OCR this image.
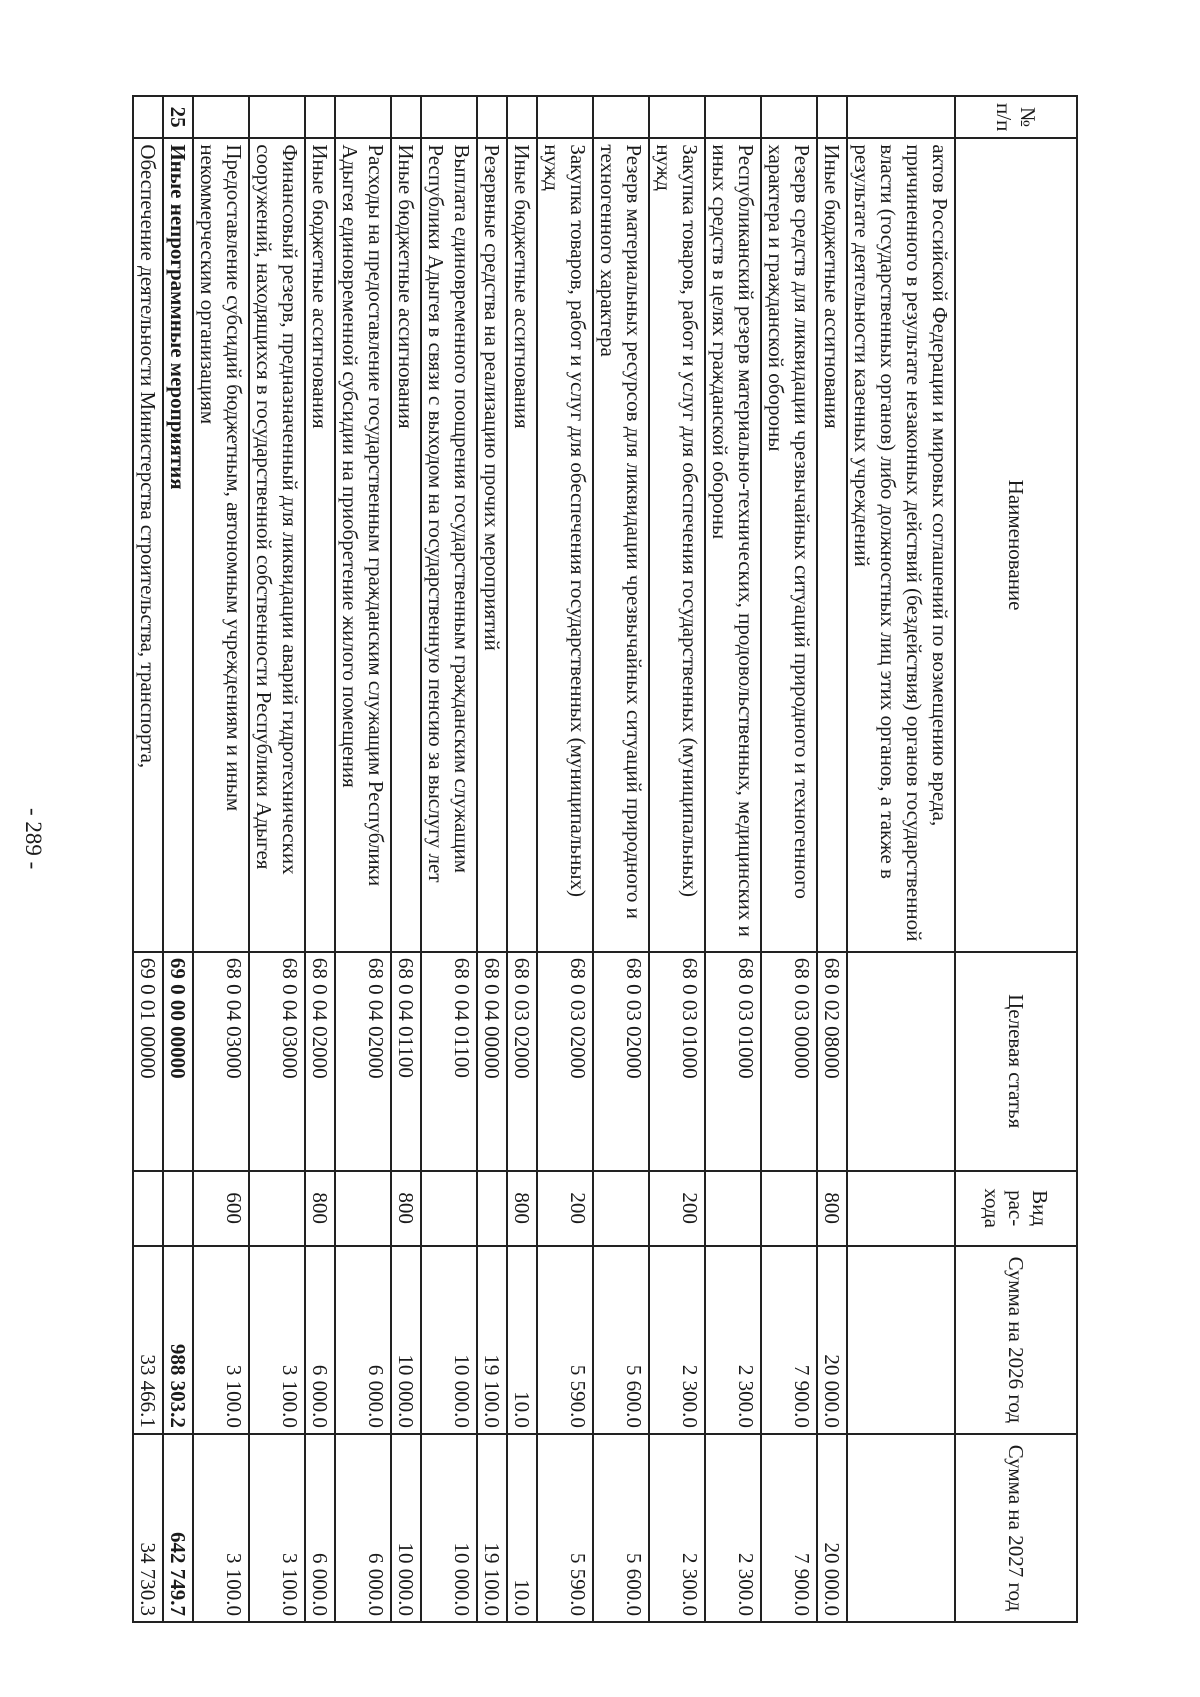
- 289 -
№ п/п	Наименование	Целевая статья	Вид рас-хода	Сумма на 2026 год	Сумма на 2027 год
	актов Российской Федерации и мировых соглашений по возмещению вреда, причиненного в результате незаконных действий (бездействия) органов государственной власти (государственных органов) либо должностных лиц этих органов, а также в результате деятельности казенных учреждений				
	Иные бюджетные ассигнования	68 0 02 08000	800	20 000.0	20 000.0
	Резерв средств для ликвидации чрезвычайных ситуаций природного и техногенного характера и гражданской обороны	68 0 03 00000		7 900.0	7 900.0
	Республиканский резерв материально-технических, продовольственных, медицинских и иных средств в целях гражданской обороны	68 0 03 01000		2 300.0	2 300.0
	Закупка товаров, работ и услуг для обеспечения государственных (муниципальных) нужд	68 0 03 01000	200	2 300.0	2 300.0
	Резерв материальных ресурсов для ликвидации чрезвычайных ситуаций природного и техногенного характера	68 0 03 02000		5 600.0	5 600.0
	Закупка товаров, работ и услуг для обеспечения государственных (муниципальных) нужд	68 0 03 02000	200	5 590.0	5 590.0
	Иные бюджетные ассигнования	68 0 03 02000	800	10.0	10.0
	Резервные средства на реализацию прочих мероприятий	68 0 04 00000		19 100.0	19 100.0
	Выплата единовременного поощрения государственным гражданским служащим Республики Адыгея в связи с выходом на государственную пенсию за выслугу лет	68 0 04 01100		10 000.0	10 000.0
	Иные бюджетные ассигнования	68 0 04 01100	800	10 000.0	10 000.0
	Расходы на предоставление государственным гражданским служащим Республики Адыгея единовременной субсидии на приобретение жилого помещения	68 0 04 02000		6 000.0	6 000.0
	Иные бюджетные ассигнования	68 0 04 02000	800	6 000.0	6 000.0
	Финансовый резерв, предназначенный для ликвидации аварий гидротехнических сооружений, находящихся в государственной собственности Республики Адыгея	68 0 04 03000		3 100.0	3 100.0
	Предоставление субсидий бюджетным, автономным учреждениям и иным некоммерческим организациям	68 0 04 03000	600	3 100.0	3 100.0
25	Иные непрограммные мероприятия	69 0 00 00000		988 303.2	642 749.7
	Обеспечение деятельности Министерства строительства, транспорта,	69 0 01 00000		33 466.1	34 730.3
